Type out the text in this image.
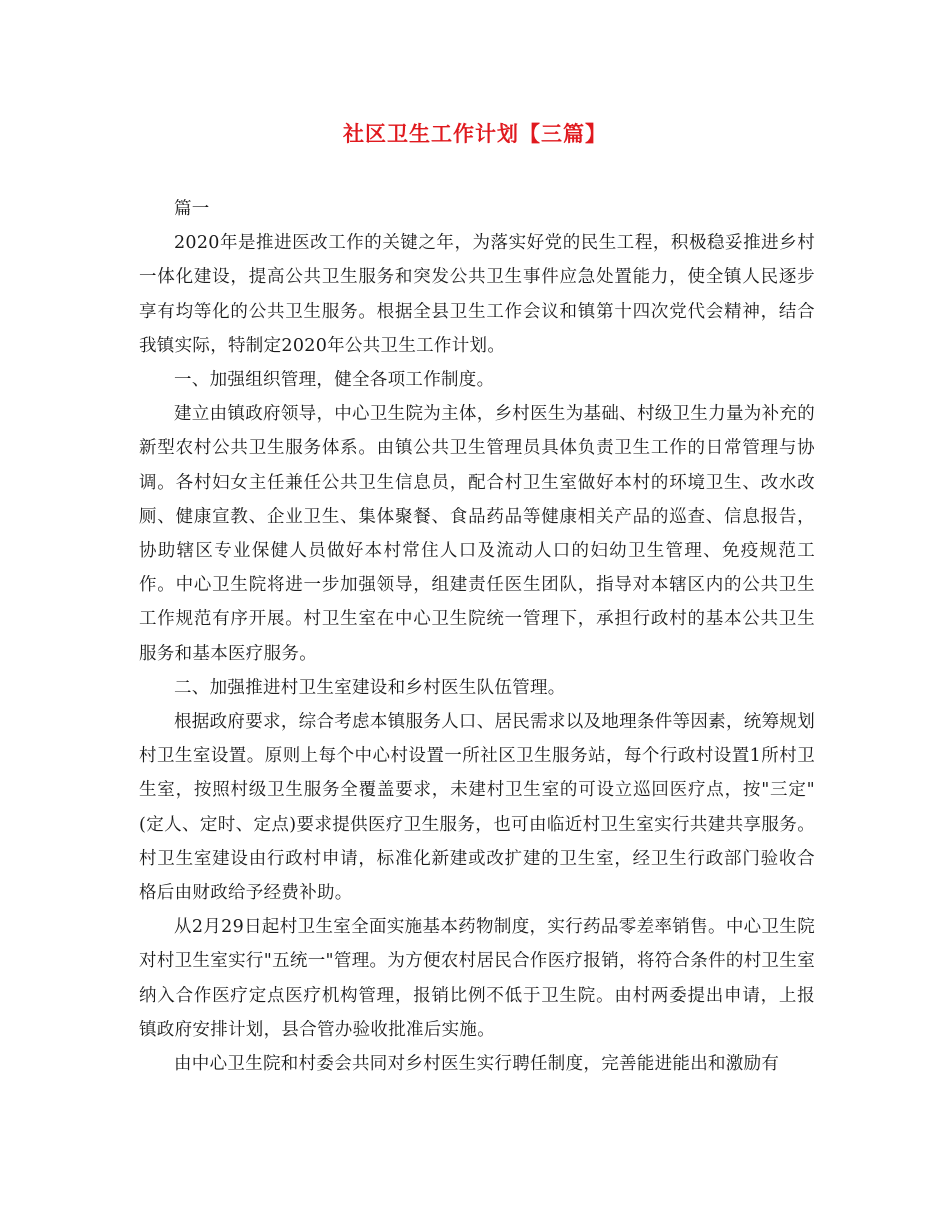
社区卫生工作计划【三篇】

篇一

2020年是推进医改工作的关键之年，为落实好党的民生工程，积极稳妥推进乡村一体化建设，提高公共卫生服务和突发公共卫生事件应急处置能力，使全镇人民逐步享有均等化的公共卫生服务。根据全县卫生工作会议和镇第十四次党代会精神，结合我镇实际，特制定2020年公共卫生工作计划。

一、加强组织管理，健全各项工作制度。

建立由镇政府领导，中心卫生院为主体，乡村医生为基础、村级卫生力量为补充的新型农村公共卫生服务体系。由镇公共卫生管理员具体负责卫生工作的日常管理与协调。各村妇女主任兼任公共卫生信息员，配合村卫生室做好本村的环境卫生、改水改厕、健康宣教、企业卫生、集体聚餐、食品药品等健康相关产品的巡查、信息报告，协助辖区专业保健人员做好本村常住人口及流动人口的妇幼卫生管理、免疫规范工作。中心卫生院将进一步加强领导，组建责任医生团队，指导对本辖区内的公共卫生工作规范有序开展。村卫生室在中心卫生院统一管理下，承担行政村的基本公共卫生服务和基本医疗服务。

二、加强推进村卫生室建设和乡村医生队伍管理。

根据政府要求，综合考虑本镇服务人口、居民需求以及地理条件等因素，统筹规划村卫生室设置。原则上每个中心村设置一所社区卫生服务站，每个行政村设置1所村卫生室，按照村级卫生服务全覆盖要求，未建村卫生室的可设立巡回医疗点，按"三定"(定人、定时、定点)要求提供医疗卫生服务，也可由临近村卫生室实行共建共享服务。村卫生室建设由行政村申请，标准化新建或改扩建的卫生室，经卫生行政部门验收合格后由财政给予经费补助。

从2月29日起村卫生室全面实施基本药物制度，实行药品零差率销售。中心卫生院对村卫生室实行"五统一"管理。为方便农村居民合作医疗报销，将符合条件的村卫生室纳入合作医疗定点医疗机构管理，报销比例不低于卫生院。由村两委提出申请，上报镇政府安排计划，县合管办验收批准后实施。

由中心卫生院和村委会共同对乡村医生实行聘任制度，完善能进能出和激励有
